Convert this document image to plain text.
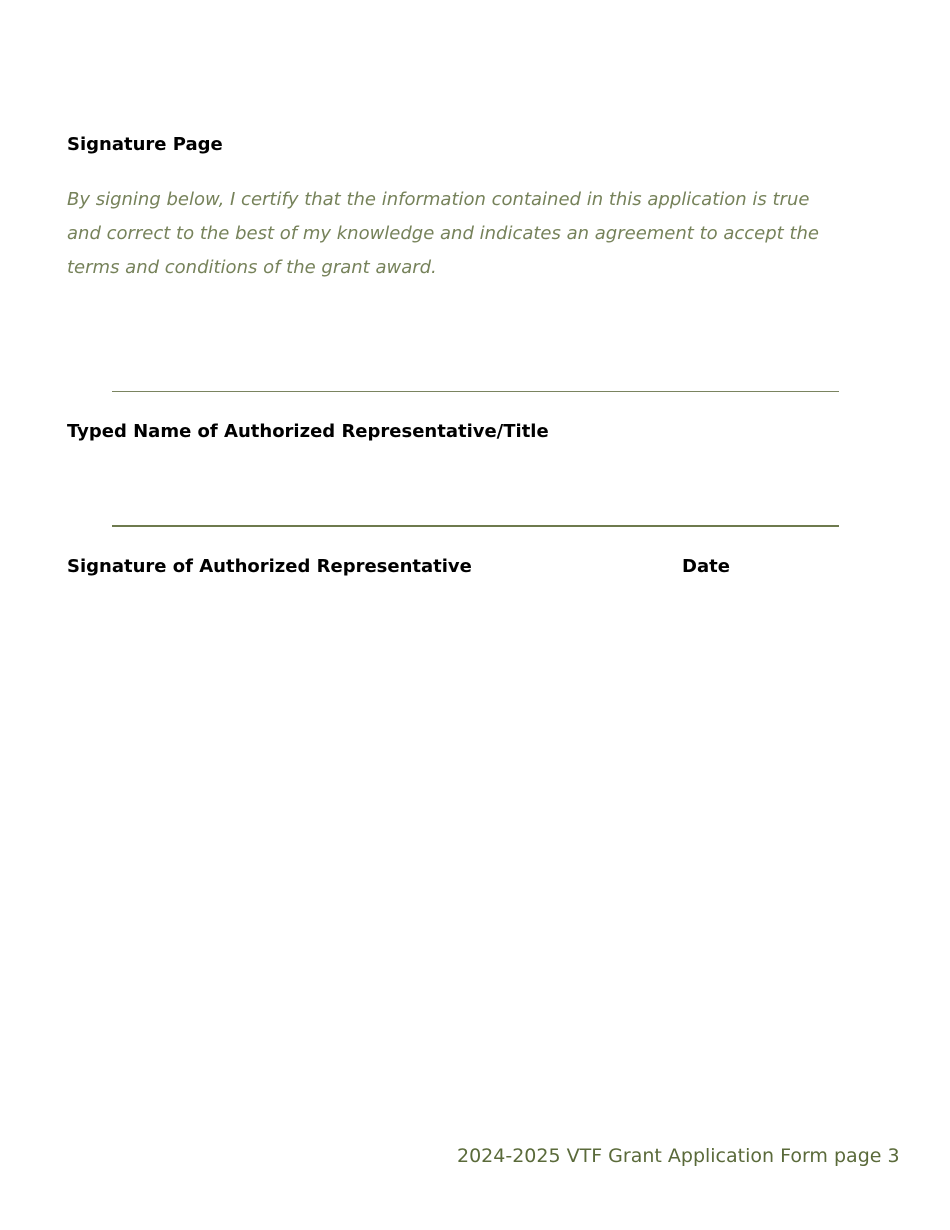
Signature Page

By signing below, I certify that the information contained in this application is true and correct to the best of my knowledge and indicates an agreement to accept the terms and conditions of the grant award.

Typed Name of Authorized Representative/Title
Signature of Authorized Representative	Date
2024-2025 VTF Grant Application Form page 3
